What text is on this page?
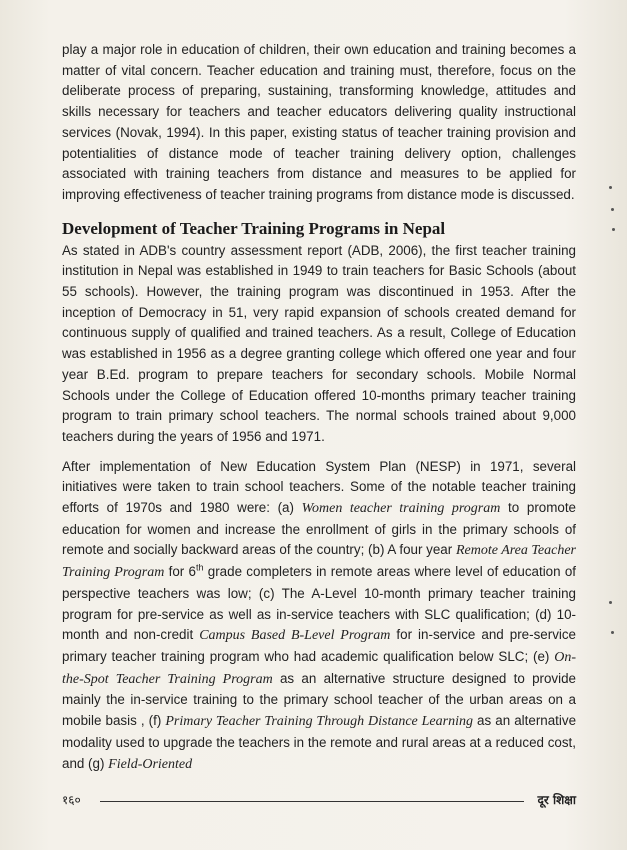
play a major role in education of children, their own education and training becomes a matter of vital concern. Teacher education and training must, therefore, focus on the deliberate process of preparing, sustaining, transforming knowledge, attitudes and skills necessary for teachers and teacher educators delivering quality instructional services (Novak, 1994). In this paper, existing status of teacher training provision and potentialities of distance mode of teacher training delivery option, challenges associated with training teachers from distance and measures to be applied for improving effectiveness of teacher training programs from distance mode is discussed.

Development of Teacher Training Programs in Nepal

As stated in ADB's country assessment report (ADB, 2006), the first teacher training institution in Nepal was established in 1949 to train teachers for Basic Schools (about 55 schools). However, the training program was discontinued in 1953. After the inception of Democracy in 51, very rapid expansion of schools created demand for continuous supply of qualified and trained teachers. As a result, College of Education was established in 1956 as a degree granting college which offered one year and four year B.Ed. program to prepare teachers for secondary schools. Mobile Normal Schools under the College of Education offered 10-months primary teacher training program to train primary school teachers. The normal schools trained about 9,000 teachers during the years of 1956 and 1971.

After implementation of New Education System Plan (NESP) in 1971, several initiatives were taken to train school teachers. Some of the notable teacher training efforts of 1970s and 1980 were: (a) Women teacher training program to promote education for women and increase the enrollment of girls in the primary schools of remote and socially backward areas of the country; (b) A four year Remote Area Teacher Training Program for 6th grade completers in remote areas where level of education of perspective teachers was low; (c) The A-Level 10-month primary teacher training program for pre-service as well as in-service teachers with SLC qualification; (d) 10-month and non-credit Campus Based B-Level Program for in-service and pre-service primary teacher training program who had academic qualification below SLC; (e) On-the-Spot Teacher Training Program as an alternative structure designed to provide mainly the in-service training to the primary school teacher of the urban areas on a mobile basis , (f) Primary Teacher Training Through Distance Learning as an alternative modality used to upgrade the teachers in the remote and rural areas at a reduced cost, and (g) Field-Oriented

१६०	दूर शिक्षा
